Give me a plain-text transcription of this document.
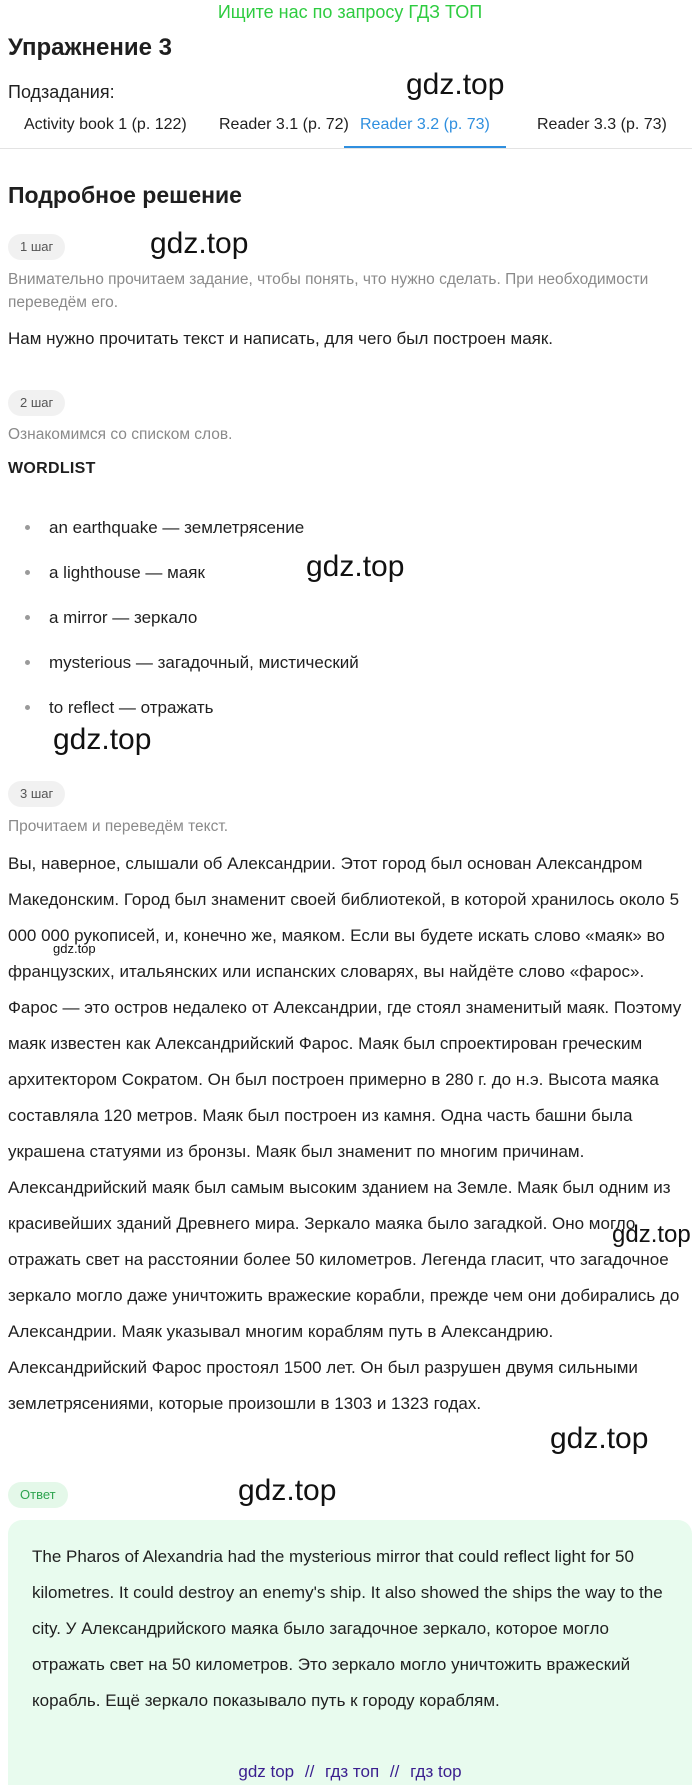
Ищите нас по запросу ГДЗ ТОП
Упражнение 3
Подзадания:	gdz.top
Activity book 1 (p. 122) Reader 3.1 (p. 72) Reader 3.2 (p. 73)	Reader 3.3 (p. 73)
Подробное решение
1 шаг	gdz.top
Внимательно прочитаем задание, чтобы понять, что нужно сделать. При необходимости переведём его.
Нам нужно прочитать текст и написать, для чего был построен маяк.
2 шаг
Ознакомимся со списком слов.
WORDLIST
an earthquake — землетрясение
a lighthouse — маяк
a mirror — зеркало
mysterious — загадочный, мистический
to reflect — отражать
gdz.top
gdz.top
3 шаг
Прочитаем и переведём текст.
Вы, наверное, слышали об Александрии. Этот город был основан Александром Македонским. Город был знаменит своей библиотекой, в которой хранилось около 5 000 000 рукописей, и, конечно же, маяком. Если вы будете искать слово «маяк» во французских, итальянских или испанских словарях, вы найдёте слово «фарос». Фарос — это остров недалеко от Александрии, где стоял знаменитый маяк. Поэтому маяк известен как Александрийский Фарос. Маяк был спроектирован греческим архитектором Сократом. Он был построен примерно в 280 г. до н.э. Высота маяка составляла 120 метров. Маяк был построен из камня. Одна часть башни была украшена статуями из бронзы. Маяк был знаменит по многим причинам. Александрийский маяк был самым высоким зданием на Земле. Маяк был одним из красивейших зданий Древнего мира. Зеркало маяка было загадкой. Оно могло отражать свет на расстоянии более 50 километров. Легенда гласит, что загадочное зеркало могло даже уничтожить вражеские корабли, прежде чем они добирались до Александрии. Маяк указывал многим кораблям путь в Александрию. Александрийский Фарос простоял 1500 лет. Он был разрушен двумя сильными землетрясениями, которые произошли в 1303 и 1323 годах.
gdz.top
gdz.top
gdz.top
Ответ	gdz.top
The Pharos of Alexandria had the mysterious mirror that could reflect light for 50 kilometres. It could destroy an enemy's ship. It also showed the ships the way to the city. У Александрийского маяка было загадочное зеркало, которое могло отражать свет на 50 километров. Это зеркало могло уничтожить вражеский корабль. Ещё зеркало показывало путь к городу кораблям.
gdz top // гдз топ // гдз top
